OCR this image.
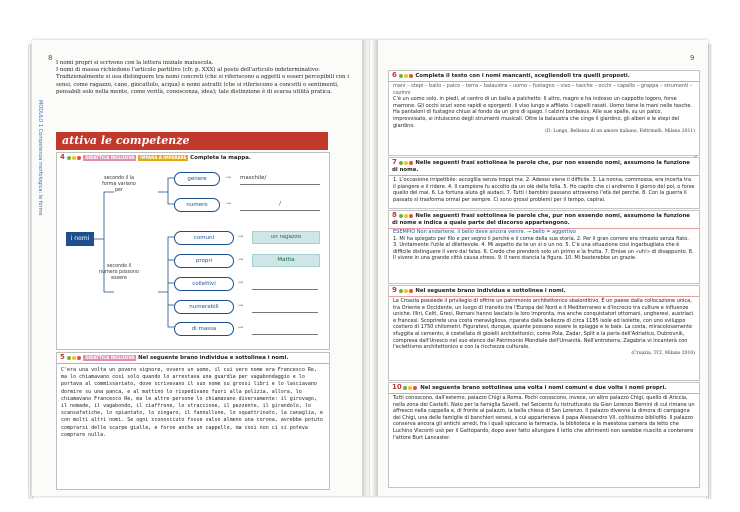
8
MODULO 1 Competenza morfologica: le forme
I nomi propri si scrivono con la lettera iniziale maiuscola.
I nomi di massa richiedono l'articolo partitivo (cfr. p. XXX) al posto dell'articolo indeterminativo:
Tradizionalmente si usa distinguere tra nomi concreti (che si riferiscono a oggetti o esseri percepibili con i sensi, come ragazzo, cane, giocattolo, acqua) e nomi astratti (che si riferiscono a concetti o sentimenti, pensabili solo nella mente, come verità, conoscenza, idea); tale distinzione è di scarsa utilità pratica.
attiva le competenze
4	DIDATTICA INCLUSIVA IMPARA A IMPARARE Completa la mappa.
i nomi
secondo il la forma variano per
secondo il numero possono essere
genere	→ maschile/
numero	→	/
comuni	→	un ragazzo
propri	→	Mattia
collettivi	→
numerabili	→
di massa	→
5	DIDATTICA INCLUSIVA Nel seguente brano individua e sottolinea i nomi.
C'era una volta un povero signore, ovvero un uomo, il cui vero nome era Francesco Re, ma lo chiamavano così solo quando lo arrestava una guardia per vagabondaggio e lo portava al commissariato, dove scrivevano il suo nome su grossi libri e lo lasciavano dormire su una panca, e al mattino lo rispedivano fuori alla polizia, allora, lo chiamavano Francesco Re, ma le altre persone lo chiamavano diversamente: il girovago, il nomade, il vagabondo, il ciaffrone, lo straccione, il pezzente, il girandolo, lo scansafatiche, lo spiantato, lo zingaro, il fannullone, lo squattrinato, la canaglia, e con molti altri nomi. Se ogni sconosciuto fosse valso almeno una corona, avrebbe potuto comprarsi delle scarpe gialle, e forse anche un cappello, ma così non ci si poteva comprare nulla.
9
6	Completa il testo con i nomi mancanti, scegliendoli tra quelli proposti.
mani – stepi – ballo – palco – terra – balaustra – uomo – fustagno – viso – tasche – occhi – capello – grappa – strumenti – cazinni
C'è un uomo solo, in piedi, al centro di un ballo a palchetto. Il altro, magro e ha indosso un cappotto logoro, forse marrone. Gli occhi scuri sono rapidi e sporgenti. Il viso lungo e affilato. I capelli rasati. Uomo tiene le mani nelle tasche. Ha pantaloni di fustagno chiusi al fondo da un giro di spago. I calzini bordeaux. Alle sue spalle, su un palco, improvvisato, si intuiscono degli strumenti musicali. Oltre la balaustra che cinge il giardino, gli alberi e le stepi del giardino.
(D. Longo, Bellezza di un amore italiano, Feltrinelli, Milano 2011)
7	Nelle seguenti frasi sottolinea le parole che, pur non essendo nomi, assumono la funzione di nome.
1. L'occasione irripetibile: accoglila senza troppi ma. 2. Adesso viene il difficile. 3. La nonna, commossa, era incerta tra il piangere e il ridere. 4. Il campione fu accolto da un olè della folla. 5. Ho capito che ci andremo il giorno del poi, o forse quello del mai. 6. La fortuna aiuta gli audaci. 7. Tutti i bambini passano attraverso l'età del perché. 8. Con la guerra il passato si trasforma ormai per sempre. Ci sono grossi problemi per il tempo, capirai.
8	Nelle seguenti frasi sottolinea le parole che, pur non essendo nomi, assumono la funzione di nome e indica a quale parte del discorso appartengono.
ESEMPIO Non andartene, il bello deve ancora venire. → bello = aggettivo
1. Mi ha spiegato per filo e per segno il perché e il come della sua storia. 2. Per il gran correre era rimasto senza fiato. 3. Unitamente l'utile al dilettevole. 4. Mi aspetto da te un sì o un no. 5. C'è una situazione così ingarbugliata che è difficile distinguere il vero dal falso. 6. Credo che prenderò solo un primo e la frutta. 7. Emise un «uh!» di disappunto. 8. Il vivere in una grande città causa stress. 9. Il nero stancia la figura. 10. Mi basterebbe un grazie.
9	Nel seguente brano individua e sottolinea i nomi.
La Croazia possiede il privilegio di offrire un patrimonio architettonico sbalorditivo. È un paese dalla collocazione unica, tra Oriente e Occidente, un luogo di transito tra l'Europa del Nord e il Mediterraneo e d'incrocio tra culture e influenze uniche. Illiri, Celti, Greci, Romani hanno lasciato la loro impronta, ma anche conquistatori ottomani, ungheresi, austriaci e francesi. Scoprirete una costa meravigliosa, riparata dalla bellezza di circa 1185 isole ed isolette, con uno sviluppo costiero di 1750 chilometri. Figuratevi, dunque, quante possano essere le spiagge e le baie. La costa, miracolosamente sfuggita al cemento, è costellata di gioielli architettonici, come Pola, Zadar, Split e la perla dell'Adriatico, Dubrovnik, compresa dall'Unesco nel suo elenco del Patrimonio Mondiale dell'Umanità. Nell'entroterra, Zagabria vi incanterà con l'eclettismo architettonico e con la ricchezza culturale.
(Croazia, TCI, Milano 2010)
10	Nel seguente brano sottolinea una volta i nomi comuni e due volte i nomi propri.
Tutti conoscono, dall'esterno, palazzo Chigi a Roma. Pochi conoscono, invece, un altro palazzo Chigi, quello di Ariccia, nella zona dei Castelli. Nato per la famiglia Savelli, nel Seicento fu ristrutturato da Gian Lorenzo Bernini di cui rimane un affresco nella cappella e, di fronte al palazzo, la bella chiesa di San Lorenzo. Il palazzo divenne la dimora di campagna dei Chigi, una delle famiglie di banchieri senesi, a cui apparteneva il papa Alessandro VII, coltissimo bibliofilo. Il palazzo conserva ancora gli antichi arredi, fra i quali spiccano la farmacia, la biblioteca e la maestosa camera da letto che Luchino Visconti usò per il Gattopardo, dopo aver fatto allungare il letto che altrimenti non sarebbe riuscito a contenere l'attore Burt Lancaster.
